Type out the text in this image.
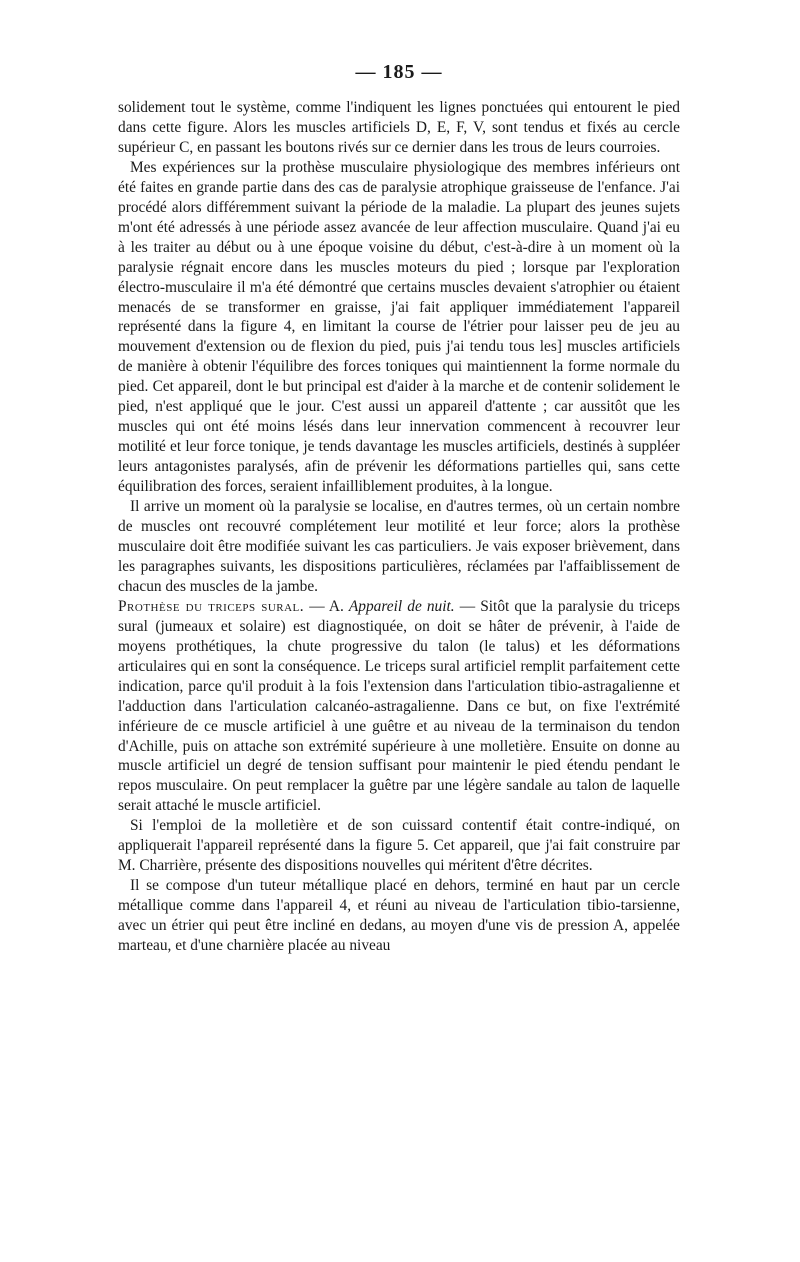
— 185 —

solidement tout le système, comme l'indiquent les lignes ponctuées qui entourent le pied dans cette figure. Alors les muscles artificiels D, E, F, V, sont tendus et fixés au cercle supérieur C, en passant les boutons rivés sur ce dernier dans les trous de leurs courroies.

Mes expériences sur la prothèse musculaire physiologique des membres inférieurs ont été faites en grande partie dans des cas de paralysie atrophique graisseuse de l'enfance. J'ai procédé alors différemment suivant la période de la maladie. La plupart des jeunes sujets m'ont été adressés à une période assez avancée de leur affection musculaire. Quand j'ai eu à les traiter au début ou à une époque voisine du début, c'est-à-dire à un moment où la paralysie régnait encore dans les muscles moteurs du pied ; lorsque par l'exploration électro-musculaire il m'a été démontré que certains muscles devaient s'atrophier ou étaient menacés de se transformer en graisse, j'ai fait appliquer immédiatement l'appareil représenté dans la figure 4, en limitant la course de l'étrier pour laisser peu de jeu au mouvement d'extension ou de flexion du pied, puis j'ai tendu tous les] muscles artificiels de manière à obtenir l'équilibre des forces toniques qui maintiennent la forme normale du pied. Cet appareil, dont le but principal est d'aider à la marche et de contenir solidement le pied, n'est appliqué que le jour. C'est aussi un appareil d'attente ; car aussitôt que les muscles qui ont été moins lésés dans leur innervation commencent à recouvrer leur motilité et leur force tonique, je tends davantage les muscles artificiels, destinés à suppléer leurs antagonistes paralysés, afin de prévenir les déformations partielles qui, sans cette équilibration des forces, seraient infailliblement produites, à la longue.

Il arrive un moment où la paralysie se localise, en d'autres termes, où un certain nombre de muscles ont recouvré complétement leur motilité et leur force; alors la prothèse musculaire doit être modifiée suivant les cas particuliers. Je vais exposer brièvement, dans les paragraphes suivants, les dispositions particulières, réclamées par l'affaiblissement de chacun des muscles de la jambe.

Prothèse du triceps sural. — A. Appareil de nuit. — Sitôt que la paralysie du triceps sural (jumeaux et solaire) est diagnostiquée, on doit se hâter de prévenir, à l'aide de moyens prothétiques, la chute progressive du talon (le talus) et les déformations articulaires qui en sont la conséquence. Le triceps sural artificiel remplit parfaitement cette indication, parce qu'il produit à la fois l'extension dans l'articulation tibio-astragalienne et l'adduction dans l'articulation calcanéo-astragalienne. Dans ce but, on fixe l'extrémité inférieure de ce muscle artificiel à une guêtre et au niveau de la terminaison du tendon d'Achille, puis on attache son extrémité supérieure à une molletière. Ensuite on donne au muscle artificiel un degré de tension suffisant pour maintenir le pied étendu pendant le repos musculaire. On peut remplacer la guêtre par une légère sandale au talon de laquelle serait attaché le muscle artificiel.

Si l'emploi de la molletière et de son cuissard contentif était contre-indiqué, on appliquerait l'appareil représenté dans la figure 5. Cet appareil, que j'ai fait construire par M. Charrière, présente des dispositions nouvelles qui méritent d'être décrites.

Il se compose d'un tuteur métallique placé en dehors, terminé en haut par un cercle métallique comme dans l'appareil 4, et réuni au niveau de l'articulation tibio-tarsienne, avec un étrier qui peut être incliné en dedans, au moyen d'une vis de pression A, appelée marteau, et d'une charnière placée au niveau
